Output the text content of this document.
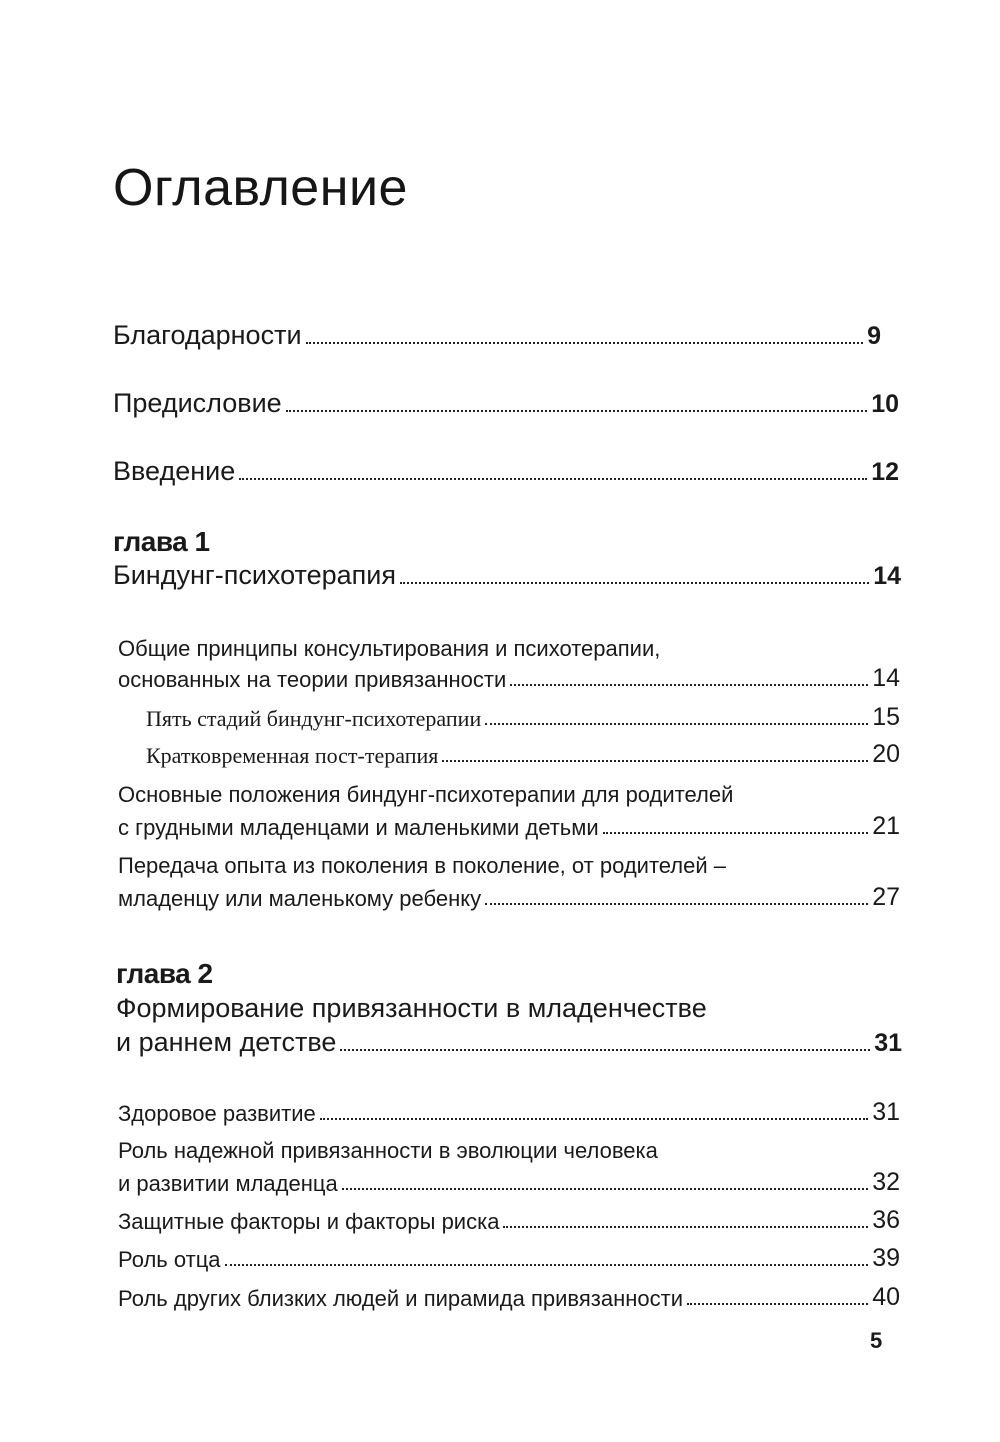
Оглавление
Благодарности	9
Предисловие	10
Введение	12
глава 1
Биндунг-психотерапия	14
Общие принципы консультирования и психотерапии,
основанных на теории привязанности	14
Пять стадий биндунг-психотерапии	15
Кратковременная пост-терапия	20
Основные положения биндунг-психотерапии для родителей
с грудными младенцами и маленькими детьми	21
Передача опыта из поколения в поколение, от родителей –
младенцу или маленькому ребенку	27
глава 2
Формирование привязанности в младенчестве
и раннем детстве	31
Здоровое развитие	31
Роль надежной привязанности в эволюции человека
и развитии младенца	32
Защитные факторы и факторы риска	36
Роль отца	39
Роль других близких людей и пирамида привязанности	40
5
